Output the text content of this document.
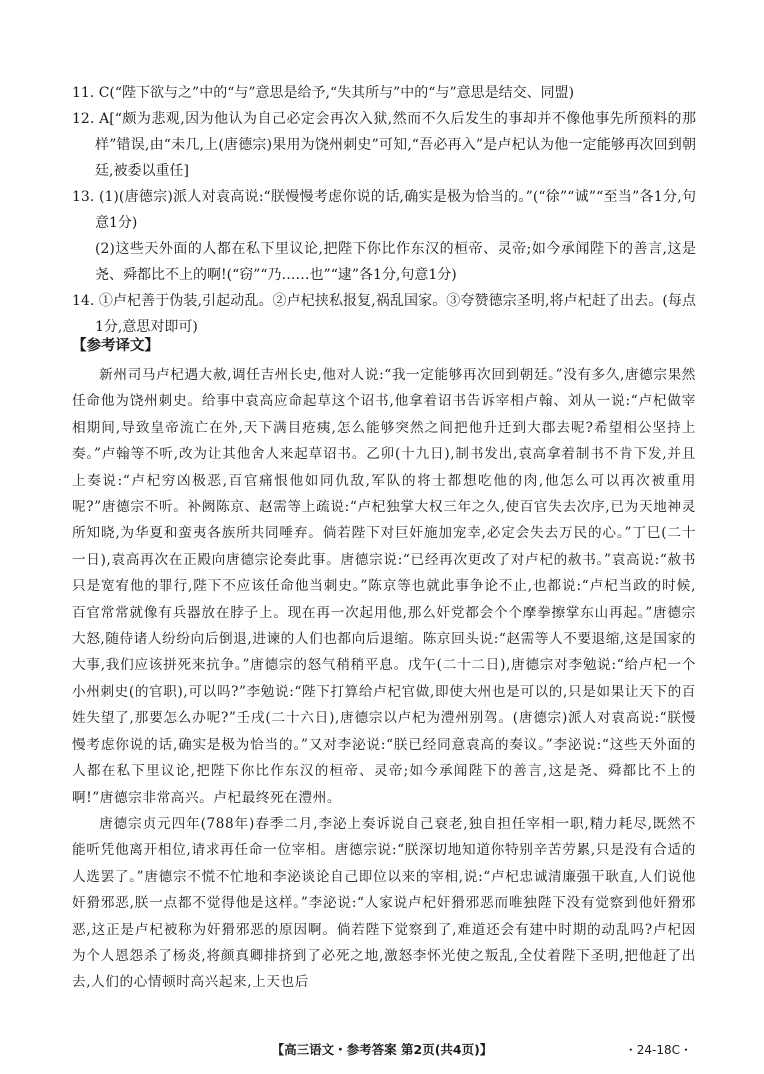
11. C(“陛下欲与之”中的“与”意思是给予,“失其所与”中的“与”意思是结交、同盟)
12. A[“颇为悲观,因为他认为自己必定会再次入狱,然而不久后发生的事却并不像他事先所预料的那样”错误,由“未几,上(唐德宗)果用为饶州刺史”可知,“吾必再入”是卢杞认为他一定能够再次回到朝廷,被委以重任]
13. (1)(唐德宗)派人对袁高说:“朕慢慢考虑你说的话,确实是极为恰当的。”(“徐”“诚”“至当”各1分,句意1分)
(2)这些天外面的人都在私下里议论,把陛下你比作东汉的桓帝、灵帝;如今承闻陛下的善言,这是尧、舜都比不上的啊!(“窃”“乃……也”“逮”各1分,句意1分)
14. ①卢杞善于伪装,引起动乱。②卢杞挟私报复,祸乱国家。③夸赞德宗圣明,将卢杞赶了出去。(每点1分,意思对即可)
【参考译文】

新州司马卢杞遇大赦,调任吉州长史,他对人说:“我一定能够再次回到朝廷。”没有多久,唐德宗果然任命他为饶州刺史。给事中袁高应命起草这个诏书,他拿着诏书告诉宰相卢翰、刘从一说:“卢杞做宰相期间,导致皇帝流亡在外,天下满目疮痍,怎么能够突然之间把他升迁到大郡去呢?希望相公坚持上奏。”卢翰等不听,改为让其他舍人来起草诏书。乙卯(十九日),制书发出,袁高拿着制书不肯下发,并且上奏说:“卢杞穷凶极恶,百官痛恨他如同仇敌,军队的将士都想吃他的肉,他怎么可以再次被重用呢?”唐德宗不听。补阙陈京、赵需等上疏说:“卢杞独掌大权三年之久,使百官失去次序,已为天地神灵所知晓,为华夏和蛮夷各族所共同唾弃。倘若陛下对巨奸施加宠幸,必定会失去万民的心。”丁巳(二十一日),袁高再次在正殿向唐德宗论奏此事。唐德宗说:“已经再次更改了对卢杞的赦书。”袁高说:“赦书只是宽宥他的罪行,陛下不应该任命他当刺史。”陈京等也就此事争论不止,也都说:“卢杞当政的时候,百官常常就像有兵器放在脖子上。现在再一次起用他,那么奸党都会个个摩拳擦掌东山再起。”唐德宗大怒,随侍诸人纷纷向后倒退,进谏的人们也都向后退缩。陈京回头说:“赵需等人不要退缩,这是国家的大事,我们应该拼死来抗争。”唐德宗的怒气稍稍平息。戊午(二十二日),唐德宗对李勉说:“给卢杞一个小州刺史(的官职),可以吗?”李勉说:“陛下打算给卢杞官做,即使大州也是可以的,只是如果让天下的百姓失望了,那要怎么办呢?”壬戌(二十六日),唐德宗以卢杞为澧州别驾。(唐德宗)派人对袁高说:“朕慢慢考虑你说的话,确实是极为恰当的。”又对李泌说:“朕已经同意袁高的奏议。”李泌说:“这些天外面的人都在私下里议论,把陛下你比作东汉的桓帝、灵帝;如今承闻陛下的善言,这是尧、舜都比不上的啊!”唐德宗非常高兴。卢杞最终死在澧州。

唐德宗贞元四年(788年)春季二月,李泌上奏诉说自己衰老,独自担任宰相一职,精力耗尽,既然不能听凭他离开相位,请求再任命一位宰相。唐德宗说:“朕深切地知道你特别辛苦劳累,只是没有合适的人选罢了。”唐德宗不慌不忙地和李泌谈论自己即位以来的宰相,说:“卢杞忠诚清廉强干耿直,人们说他奸猾邪恶,朕一点都不觉得他是这样。”李泌说:“人家说卢杞奸猾邪恶而唯独陛下没有觉察到他奸猾邪恶,这正是卢杞被称为奸猾邪恶的原因啊。倘若陛下觉察到了,难道还会有建中时期的动乱吗?卢杞因为个人恩怨杀了杨炎,将颜真卿排挤到了必死之地,激怒李怀光使之叛乱,全仗着陛下圣明,把他赶了出去,人们的心情顿时高兴起来,上天也后

【高三语文・参考答案 第2页(共4页)】	・24-18C・
